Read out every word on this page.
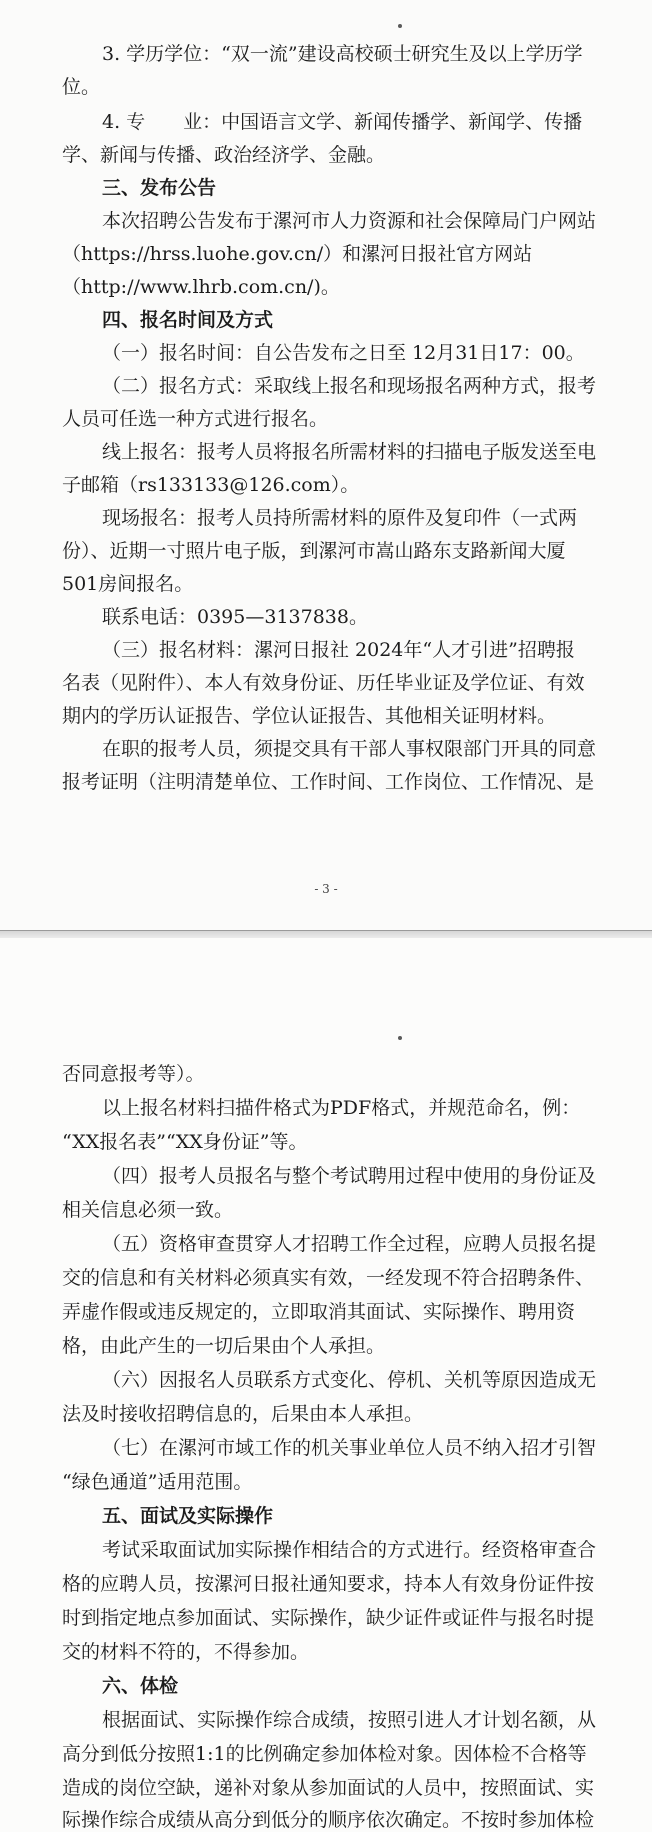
3. 学历学位：“双一流”建设高校硕士研究生及以上学历学
位。
4. 专　　业：中国语言文学、新闻传播学、新闻学、传播
学、新闻与传播、政治经济学、金融。
三、发布公告
本次招聘公告发布于漯河市人力资源和社会保障局门户网站
（https://hrss.luohe.gov.cn/）和漯河日报社官方网站
（http://www.lhrb.com.cn/)。
四、报名时间及方式
（一）报名时间：自公告发布之日至 12月31日17：00。
（二）报名方式：采取线上报名和现场报名两种方式，报考
人员可任选一种方式进行报名。
线上报名：报考人员将报名所需材料的扫描电子版发送至电
子邮箱（rs133133@126.com）。
现场报名：报考人员持所需材料的原件及复印件（一式两
份）、近期一寸照片电子版，到漯河市嵩山路东支路新闻大厦
501房间报名。
联系电话：0395—3137838。
（三）报名材料：漯河日报社 2024年“人才引进”招聘报
名表（见附件）、本人有效身份证、历任毕业证及学位证、有效
期内的学历认证报告、学位认证报告、其他相关证明材料。
在职的报考人员，须提交具有干部人事权限部门开具的同意
报考证明（注明清楚单位、工作时间、工作岗位、工作情况、是
- 3 -
否同意报考等）。
以上报名材料扫描件格式为PDF格式，并规范命名，例：
“XX报名表”“XX身份证”等。
（四）报考人员报名与整个考试聘用过程中使用的身份证及
相关信息必须一致。
（五）资格审查贯穿人才招聘工作全过程，应聘人员报名提
交的信息和有关材料必须真实有效，一经发现不符合招聘条件、
弄虚作假或违反规定的，立即取消其面试、实际操作、聘用资
格，由此产生的一切后果由个人承担。
（六）因报名人员联系方式变化、停机、关机等原因造成无
法及时接收招聘信息的，后果由本人承担。
（七）在漯河市域工作的机关事业单位人员不纳入招才引智
“绿色通道”适用范围。
五、面试及实际操作
考试采取面试加实际操作相结合的方式进行。经资格审查合
格的应聘人员，按漯河日报社通知要求，持本人有效身份证件按
时到指定地点参加面试、实际操作，缺少证件或证件与报名时提
交的材料不符的，不得参加。
六、体检
根据面试、实际操作综合成绩，按照引进人才计划名额，从
高分到低分按照1:1的比例确定参加体检对象。因体检不合格等
造成的岗位空缺，递补对象从参加面试的人员中，按照面试、实
际操作综合成绩从高分到低分的顺序依次确定。不按时参加体检
